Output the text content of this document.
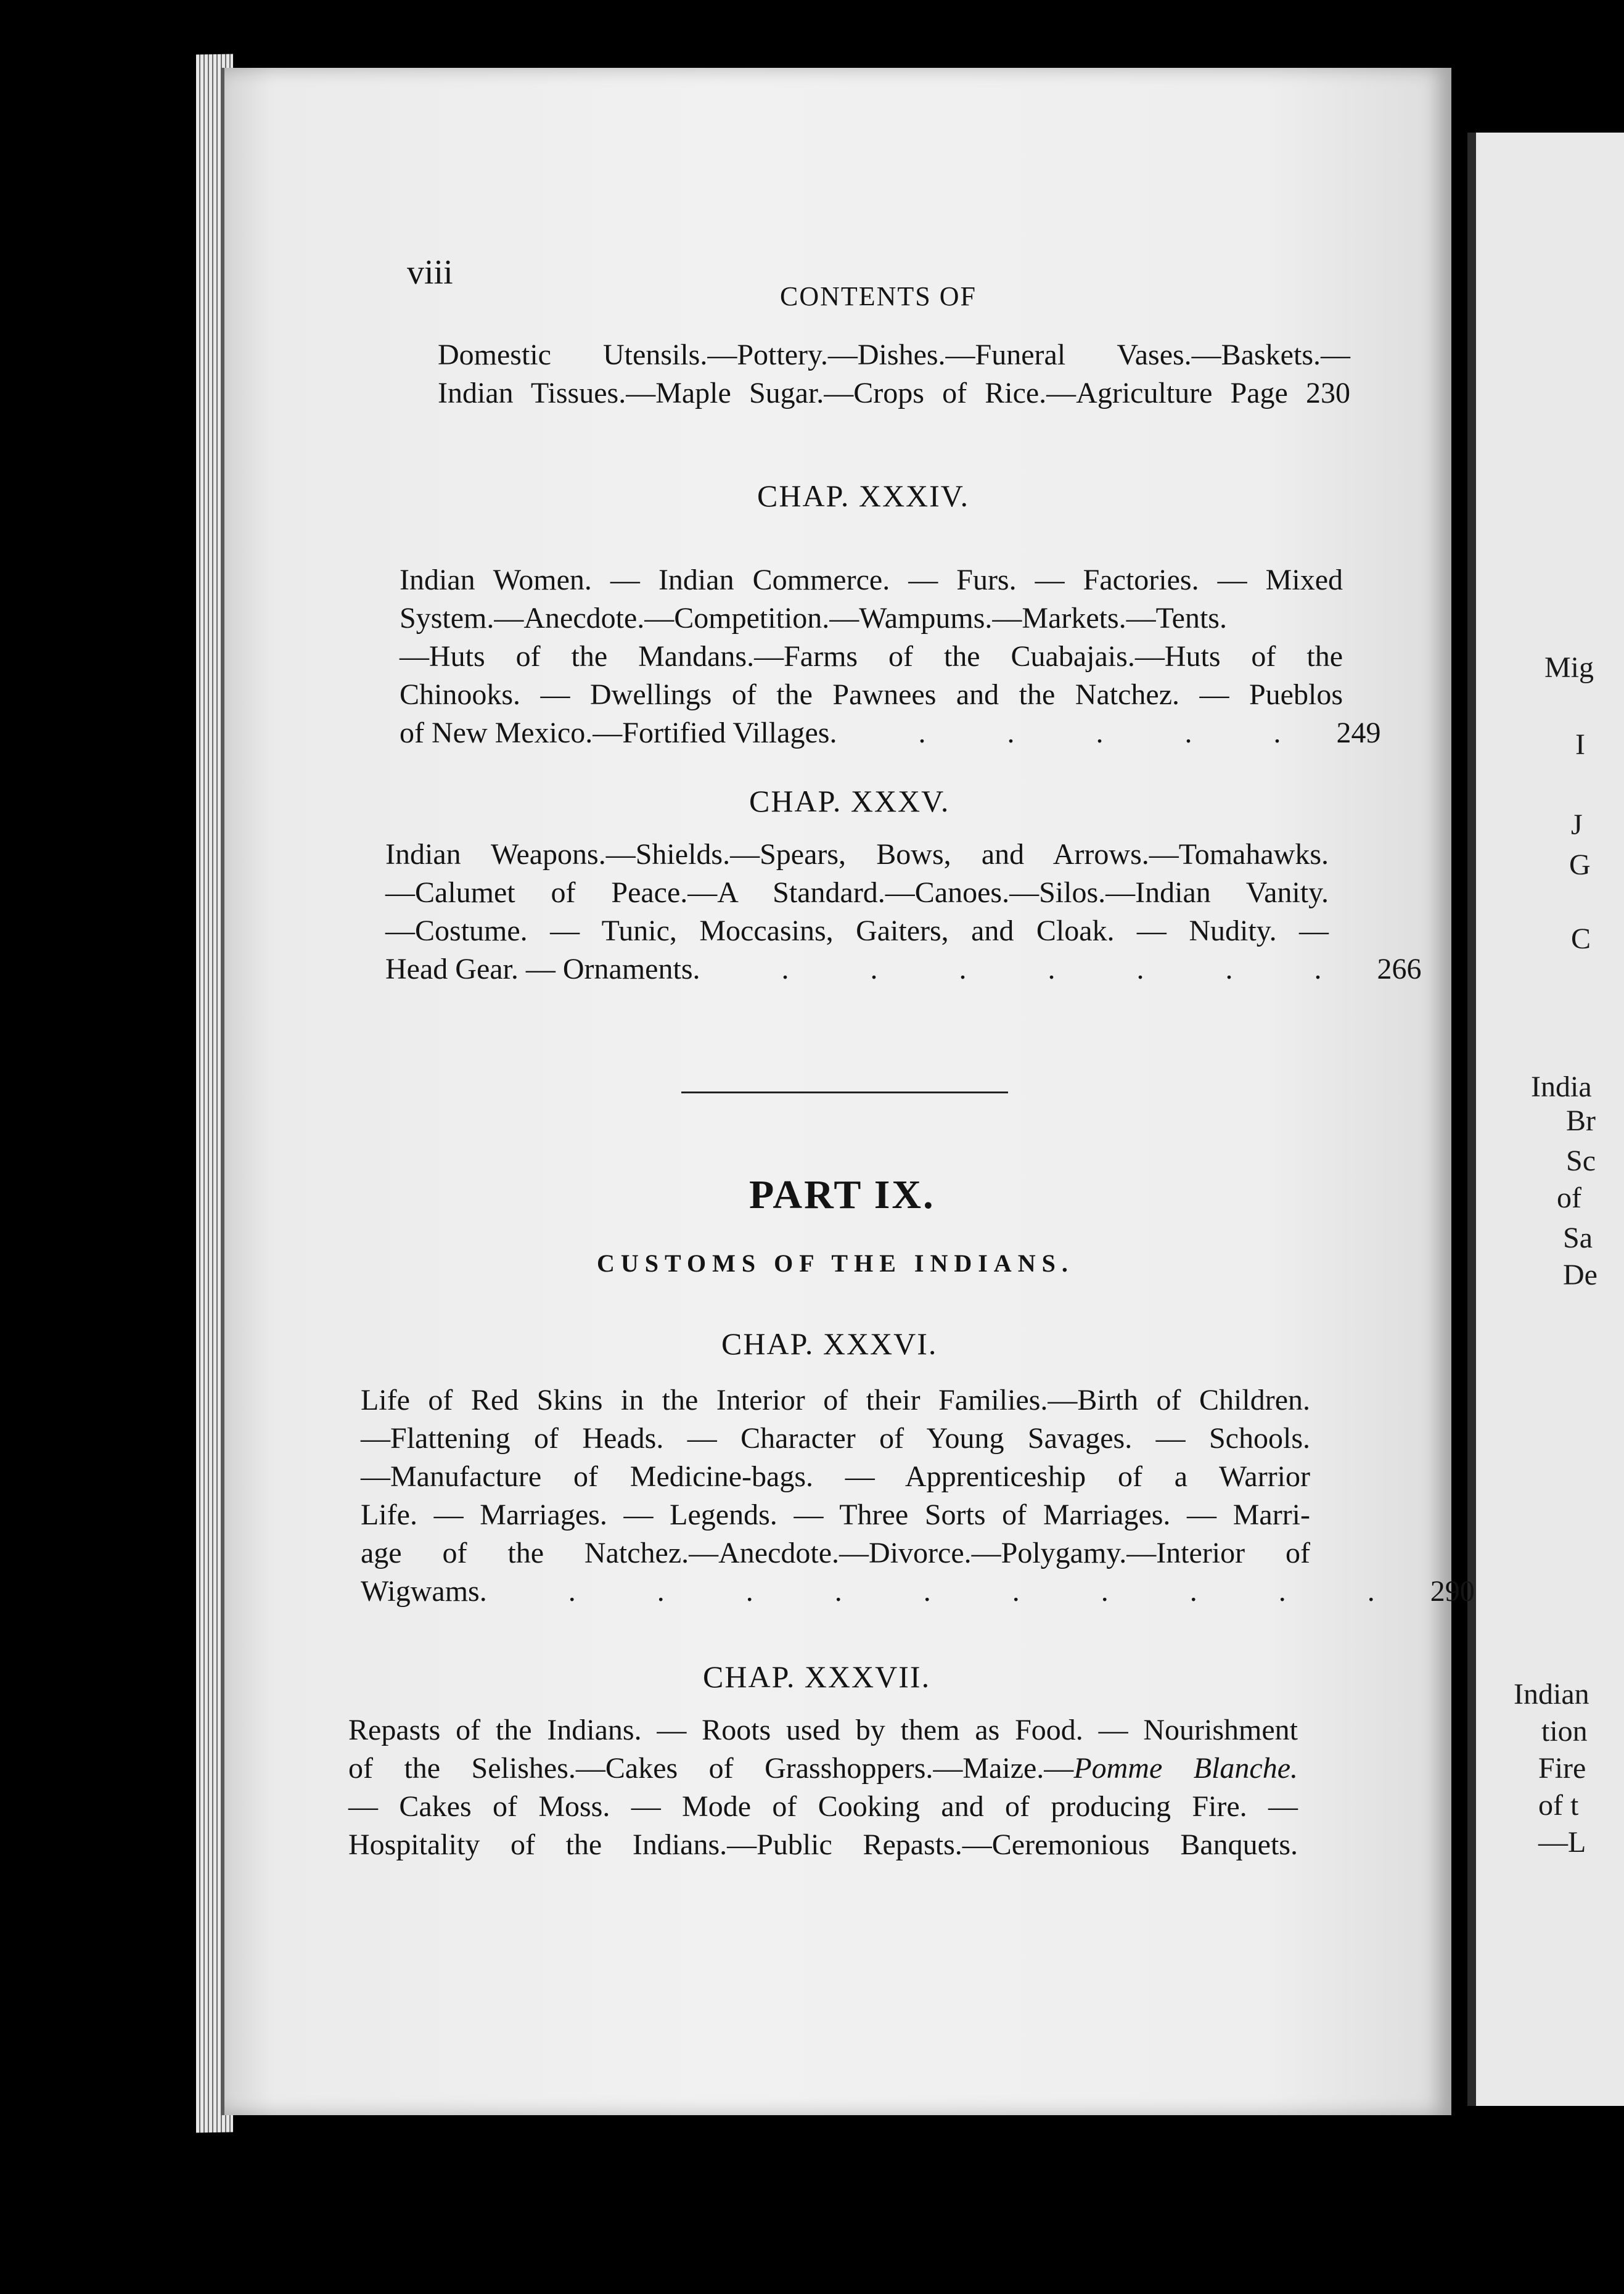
viii
CONTENTS OF
Domestic Utensils.—Pottery.—Dishes.—Funeral Vases.—Baskets.—
Indian Tissues.—Maple Sugar.—Crops of Rice.—Agriculture Page 230
CHAP. XXXIV.
Indian Women. — Indian Commerce. — Furs. — Factories. — Mixed
System.—Anecdote.—Competition.—Wampums.—Markets.—Tents.
—Huts of the Mandans.—Farms of the Cuabajais.—Huts of the
Chinooks. — Dwellings of the Pawnees and the Natchez. — Pueblos
of New Mexico.—Fortified Villages . . . . . . 249
CHAP. XXXV.
Indian Weapons.—Shields.—Spears, Bows, and Arrows.—Tomahawks.
—Calumet of Peace.—A Standard.—Canoes.—Silos.—Indian Vanity.
—Costume. — Tunic, Moccasins, Gaiters, and Cloak. — Nudity. —
Head Gear. — Ornaments . . . . . . . . 266
PART IX.
CUSTOMS OF THE INDIANS.
CHAP. XXXVI.
Life of Red Skins in the Interior of their Families.—Birth of Children.
—Flattening of Heads. — Character of Young Savages. — Schools.
—Manufacture of Medicine-bags. — Apprenticeship of a Warrior
Life. — Marriages. — Legends. — Three Sorts of Marriages. — Marri-
age of the Natchez.—Anecdote.—Divorce.—Polygamy.—Interior of
Wigwams . . . . . . . . . . . 290
CHAP. XXXVII.
Repasts of the Indians. — Roots used by them as Food. — Nourishment
of the Selishes.—Cakes of Grasshoppers.—Maize.—Pomme Blanche.
— Cakes of Moss. — Mode of Cooking and of producing Fire. —
Hospitality of the Indians.—Public Repasts.—Ceremonious Banquets.
Mig
I
J
G
C
India
Br
Sc
of
Sa
De
Indian
tion
Fire
of t
—L
